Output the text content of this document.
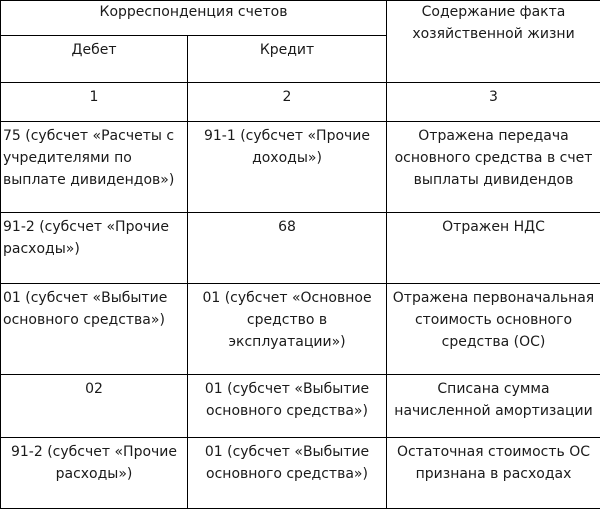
Корреспонденция счетов		Содержание факта хозяйственной жизни
Дебет	Кредит	
1	2	3
75 (субсчет «Расчеты с учредителями по выплате дивидендов»)	91-1 (субсчет «Прочие доходы»)	Отражена передача основного средства в счет выплаты дивидендов
91-2 (субсчет «Прочие расходы»)	68	Отражен НДС
01 (субсчет «Выбытие основного средства»)	01 (субсчет «Основное средство в эксплуатации»)	Отражена первоначальная стоимость основного средства (ОС)
02	01 (субсчет «Выбытие основного средства»)	Списана сумма начисленной амортизации
91-2 (субсчет «Прочие расходы»)	01 (субсчет «Выбытие основного средства»)	Остаточная стоимость ОС признана в расходах
